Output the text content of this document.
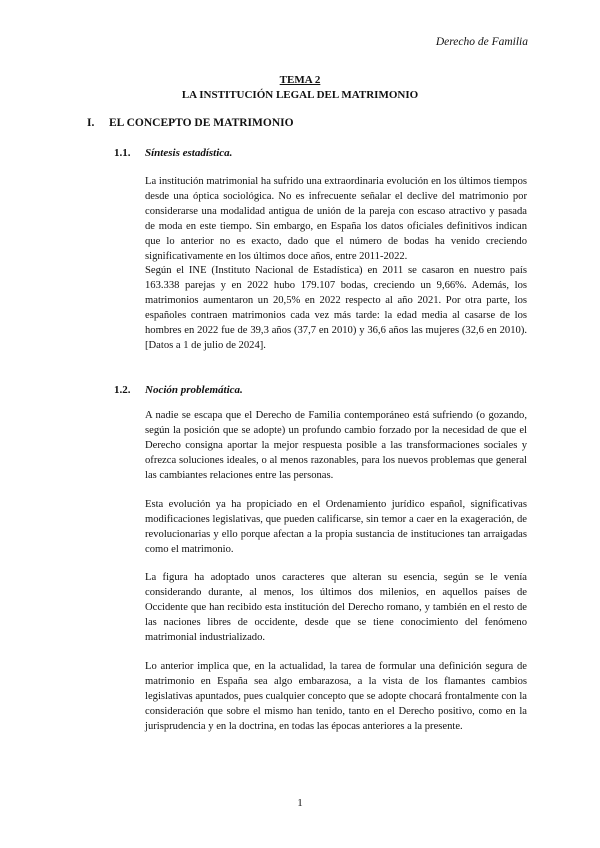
Derecho de Familia
TEMA 2
LA INSTITUCIÓN LEGAL DEL MATRIMONIO
I. EL CONCEPTO DE MATRIMONIO
1.1. Síntesis estadística.

La institución matrimonial ha sufrido una extraordinaria evolución en los últimos tiempos desde una óptica sociológica. No es infrecuente señalar el declive del matrimonio por considerarse una modalidad antigua de unión de la pareja con escaso atractivo y pasada de moda en este tiempo. Sin embargo, en España los datos oficiales definitivos indican que lo anterior no es exacto, dado que el número de bodas ha venido creciendo significativamente en los últimos doce años, entre 2011-2022.

Según el INE (Instituto Nacional de Estadística) en 2011 se casaron en nuestro país 163.338 parejas y en 2022 hubo 179.107 bodas, creciendo un 9,66%. Además, los matrimonios aumentaron un 20,5% en 2022 respecto al año 2021. Por otra parte, los españoles contraen matrimonios cada vez más tarde: la edad media al casarse de los hombres en 2022 fue de 39,3 años (37,7 en 2010) y 36,6 años las mujeres (32,6 en 2010). [Datos a 1 de julio de 2024].

1.2. Noción problemática.

A nadie se escapa que el Derecho de Familia contemporáneo está sufriendo (o gozando, según la posición que se adopte) un profundo cambio forzado por la necesidad de que el Derecho consigna aportar la mejor respuesta posible a las transformaciones sociales y ofrezca soluciones ideales, o al menos razonables, para los nuevos problemas que general las cambiantes relaciones entre las personas.

Esta evolución ya ha propiciado en el Ordenamiento jurídico español, significativas modificaciones legislativas, que pueden calificarse, sin temor a caer en la exageración, de revolucionarias y ello porque afectan a la propia sustancia de instituciones tan arraigadas como el matrimonio.

La figura ha adoptado unos caracteres que alteran su esencia, según se le venía considerando durante, al menos, los últimos dos milenios, en aquellos países de Occidente que han recibido esta institución del Derecho romano, y también en el resto de las naciones libres de occidente, desde que se tiene conocimiento del fenómeno matrimonial industrializado.

Lo anterior implica que, en la actualidad, la tarea de formular una definición segura de matrimonio en España sea algo embarazosa, a la vista de los flamantes cambios legislativas apuntados, pues cualquier concepto que se adopte chocará frontalmente con la consideración que sobre el mismo han tenido, tanto en el Derecho positivo, como en la jurisprudencia y en la doctrina, en todas las épocas anteriores a la presente.

1
